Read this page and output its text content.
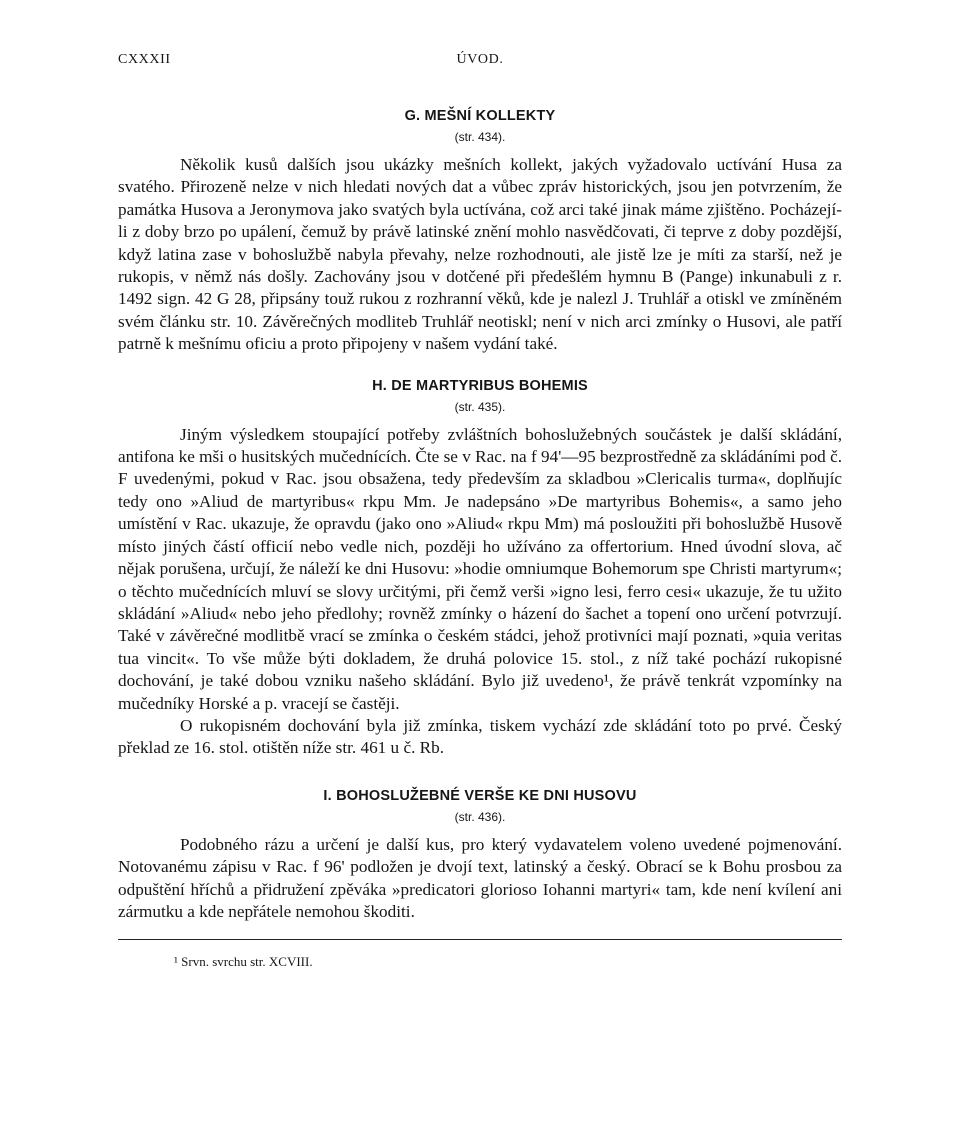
CXXXII	ÚVOD.
G. MEŠNÍ KOLLEKTY
(str. 434).

Několik kusů dalších jsou ukázky mešních kollekt, jakých vyžadovalo uctívání Husa za svatého. Přirozeně nelze v nich hledati nových dat a vůbec zpráv historických, jsou jen potvrzením, že památka Husova a Jeronymova jako svatých byla uctívána, což arci také jinak máme zjištěno. Pocházejí-li z doby brzo po upálení, čemuž by právě latinské znění mohlo nasvědčovati, či teprve z doby pozdější, když latina zase v bohoslužbě nabyla převahy, nelze rozhodnouti, ale jistě lze je míti za starší, než je rukopis, v němž nás došly. Zachovány jsou v dotčené při předešlém hymnu B (Pange) inkunabuli z r. 1492 sign. 42 G 28, připsány touž rukou z rozhranní věků, kde je nalezl J. Truhlář a otiskl ve zmíněném svém článku str. 10. Závěrečných modliteb Truhlář neotiskl; není v nich arci zmínky o Husovi, ale patří patrně k mešnímu oficiu a proto připojeny v našem vydání také.

H. DE MARTYRIBUS BOHEMIS
(str. 435).

Jiným výsledkem stoupající potřeby zvláštních bohoslužebných součástek je další skládání, antifona ke mši o husitských mučednících. Čte se v Rac. na f 94'—95 bezprostředně za skládáními pod č. F uvedenými, pokud v Rac. jsou obsažena, tedy především za skladbou »Clericalis turma«, doplňujíc tedy ono »Aliud de martyribus« rkpu Mm. Je nadepsáno »De martyribus Bohemis«, a samo jeho umístění v Rac. ukazuje, že opravdu (jako ono »Aliud« rkpu Mm) má posloužiti při bohoslužbě Husově místo jiných částí officií nebo vedle nich, později ho užíváno za offertorium. Hned úvodní slova, ač nějak porušena, určují, že náleží ke dni Husovu: »hodie omniumque Bohemorum spe Christi martyrum«; o těchto mučednících mluví se slovy určitými, při čemž verši »igno lesi, ferro cesi« ukazuje, že tu užito skládání »Aliud« nebo jeho předlohy; rovněž zmínky o házení do šachet a topení ono určení potvrzují. Také v závěrečné modlitbě vrací se zmínka o českém stádci, jehož protivníci mají poznati, »quia veritas tua vincit«. To vše může býti dokladem, že druhá polovice 15. stol., z níž také pochází rukopisné dochování, je také dobou vzniku našeho skládání. Bylo již uvedeno¹, že právě tenkrát vzpomínky na mučedníky Horské a p. vracejí se častěji.

O rukopisném dochování byla již zmínka, tiskem vychází zde skládání toto po prvé. Český překlad ze 16. stol. otištěn níže str. 461 u č. Rb.

I. BOHOSLUŽEBNÉ VERŠE KE DNI HUSOVU
(str. 436).

Podobného rázu a určení je další kus, pro který vydavatelem voleno uvedené pojmenování. Notovanému zápisu v Rac. f 96' podložen je dvojí text, latinský a český. Obrací se k Bohu prosbou za odpuštění hříchů a přidružení zpěváka »predicatori glorioso Iohanni martyri« tam, kde není kvílení ani zármutku a kde nepřátele nemohou škoditi.

¹ Srvn. svrchu str. XCVIII.
